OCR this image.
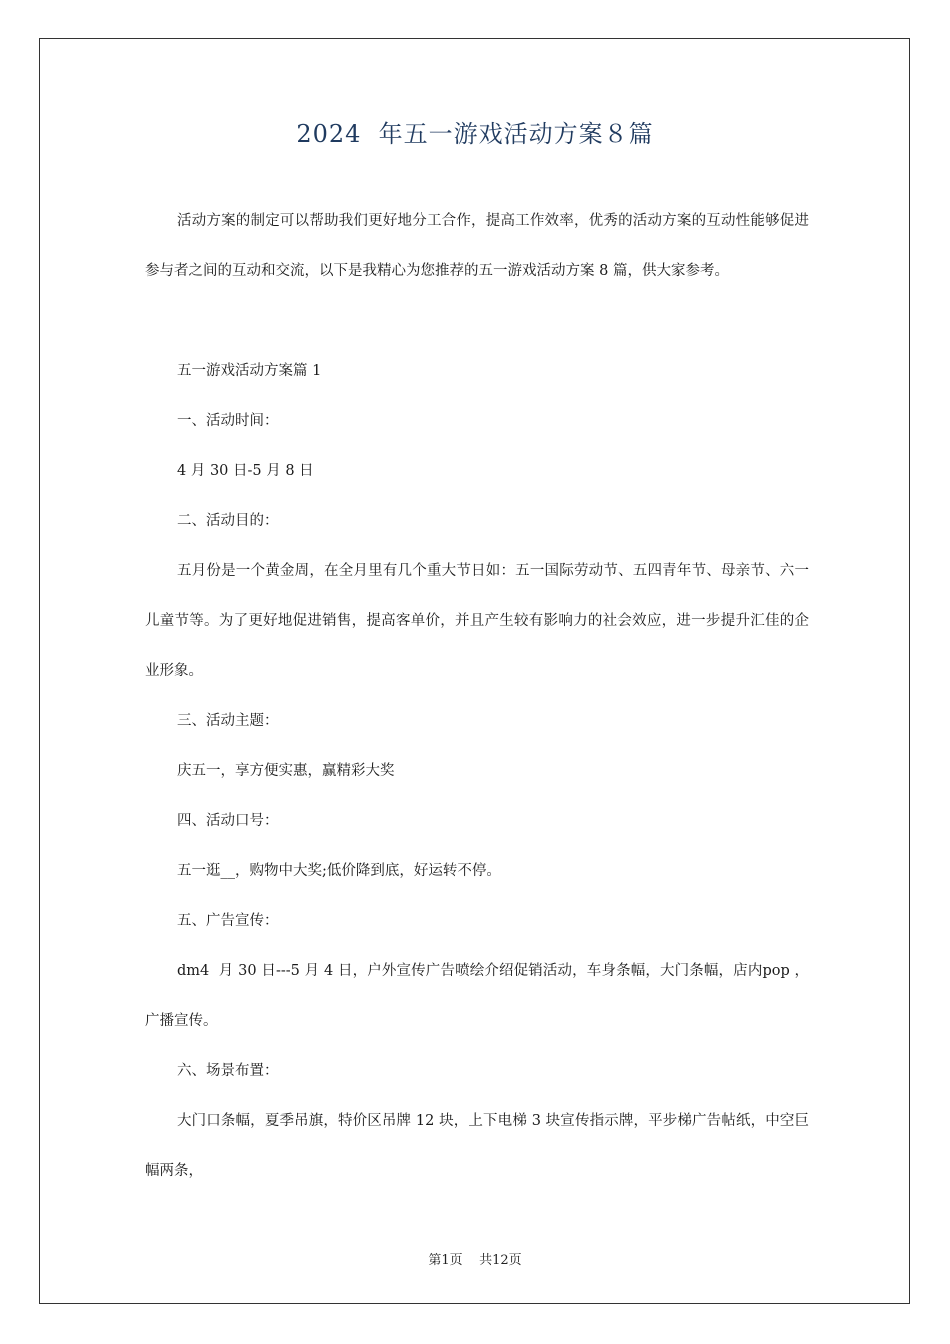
2024  年五一游戏活动方案８篇

活动方案的制定可以帮助我们更好地分工合作，提高工作效率，优秀的活动方案的互动性能够促进参与者之间的互动和交流，以下是我精心为您推荐的五一游戏活动方案 8 篇，供大家参考。

五一游戏活动方案篇 1

一、活动时间：

4 月 30 日-5 月 8 日

二、活动目的：

五月份是一个黄金周，在全月里有几个重大节日如：五一国际劳动节、五四青年节、母亲节、六一儿童节等。为了更好地促进销售，提高客单价，并且产生较有影响力的社会效应，进一步提升汇佳的企业形象。

三、活动主题：

庆五一，享方便实惠，赢精彩大奖

四、活动口号：

五一逛__，购物中大奖;低价降到底，好运转不停。

五、广告宣传：

dm4  月 30 日---5 月 4 日，户外宣传广告喷绘介绍促销活动，车身条幅，大门条幅，店内pop ，广播宣传。

六、场景布置：

大门口条幅，夏季吊旗，特价区吊牌 12 块，上下电梯 3 块宣传指示牌，平步梯广告帖纸，中空巨幅两条，

第1页    共12页
